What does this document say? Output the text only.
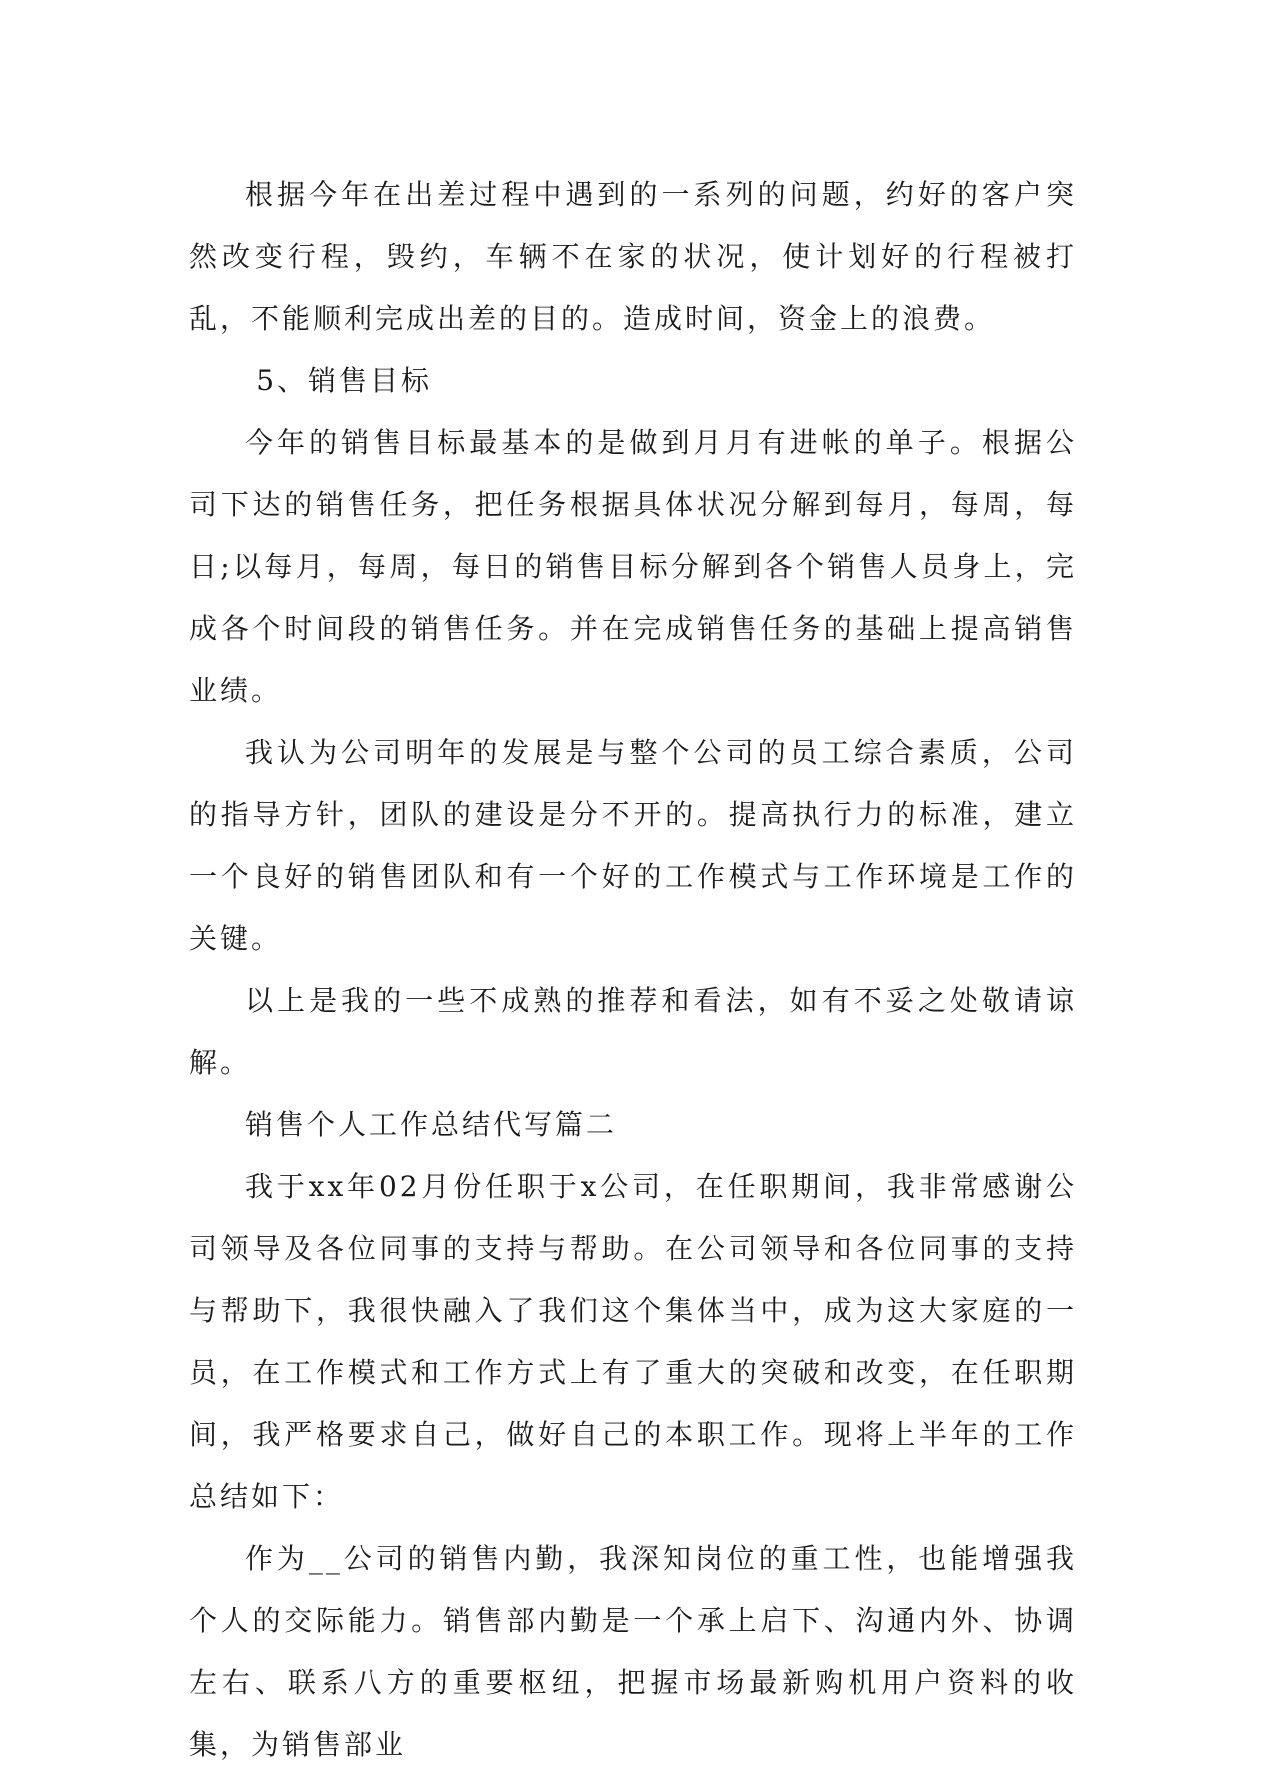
根据今年在出差过程中遇到的一系列的问题，约好的客户突然改变行程，毁约，车辆不在家的状况，使计划好的行程被打乱，不能顺利完成出差的目的。造成时间，资金上的浪费。

5、销售目标

今年的销售目标最基本的是做到月月有进帐的单子。根据公司下达的销售任务，把任务根据具体状况分解到每月，每周，每日;以每月，每周，每日的销售目标分解到各个销售人员身上，完成各个时间段的销售任务。并在完成销售任务的基础上提高销售业绩。

我认为公司明年的发展是与整个公司的员工综合素质，公司的指导方针，团队的建设是分不开的。提高执行力的标准，建立一个良好的销售团队和有一个好的工作模式与工作环境是工作的关键。

以上是我的一些不成熟的推荐和看法，如有不妥之处敬请谅解。

销售个人工作总结代写篇二

我于xx年02月份任职于x公司，在任职期间，我非常感谢公司领导及各位同事的支持与帮助。在公司领导和各位同事的支持与帮助下，我很快融入了我们这个集体当中，成为这大家庭的一员，在工作模式和工作方式上有了重大的突破和改变，在任职期间，我严格要求自己，做好自己的本职工作。现将上半年的工作总结如下：

作为__公司的销售内勤，我深知岗位的重工性，也能增强我个人的交际能力。销售部内勤是一个承上启下、沟通内外、协调左右、联系八方的重要枢纽，把握市场最新购机用户资料的收集，为销售部业
